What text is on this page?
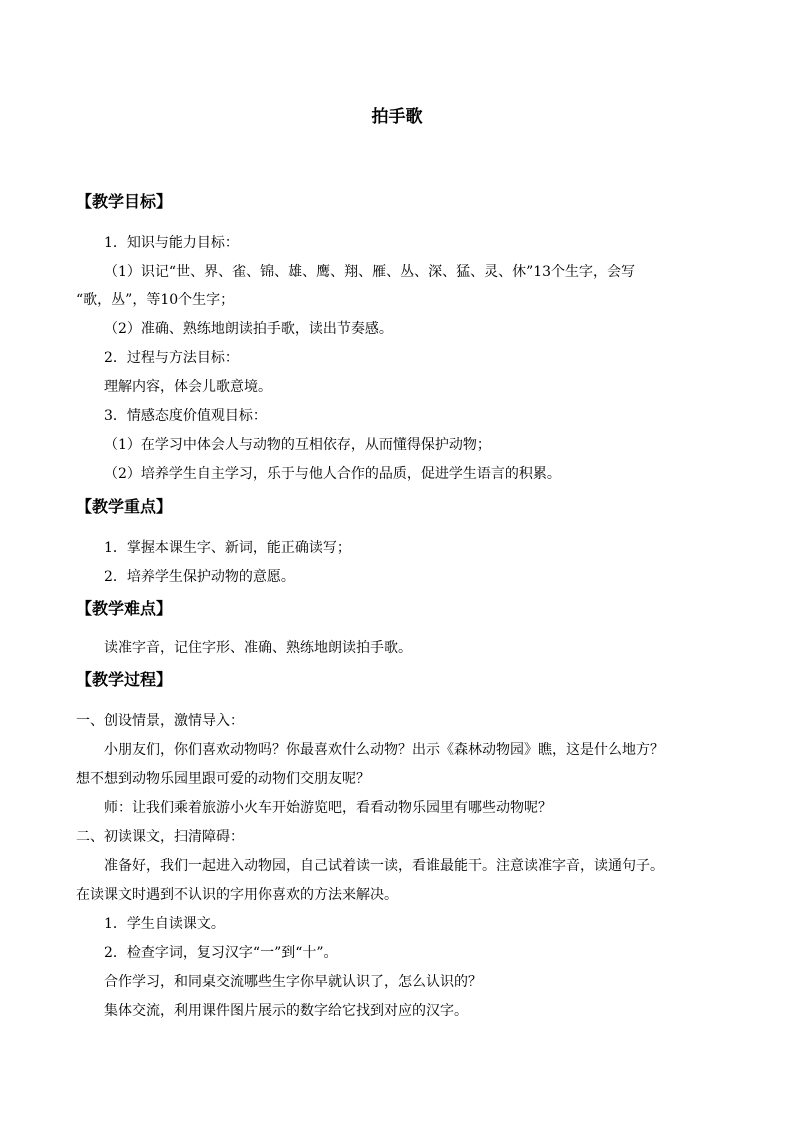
拍手歌
【教学目标】
1．知识与能力目标：
（1）识记“世、界、雀、锦、雄、鹰、翔、雁、丛、深、猛、灵、休”13个生字，会写
“歌，丛”，等10个生字；
（2）准确、熟练地朗读拍手歌，读出节奏感。
2．过程与方法目标：
理解内容，体会儿歌意境。
3．情感态度价值观目标：
（1）在学习中体会人与动物的互相依存，从而懂得保护动物；
（2）培养学生自主学习，乐于与他人合作的品质，促进学生语言的积累。
【教学重点】
1．掌握本课生字、新词，能正确读写；
2．培养学生保护动物的意愿。
【教学难点】
读准字音，记住字形、准确、熟练地朗读拍手歌。
【教学过程】
一、创设情景，激情导入：
小朋友们，你们喜欢动物吗？你最喜欢什么动物？出示《森林动物园》瞧，这是什么地方？
想不想到动物乐园里跟可爱的动物们交朋友呢？
师：让我们乘着旅游小火车开始游览吧，看看动物乐园里有哪些动物呢？
二、初读课文，扫清障碍：
准备好，我们一起进入动物园，自己试着读一读，看谁最能干。注意读准字音，读通句子。
在读课文时遇到不认识的字用你喜欢的方法来解决。
1．学生自读课文。
2．检查字词，复习汉字“一”到“十”。
合作学习，和同桌交流哪些生字你早就认识了，怎么认识的？
集体交流，利用课件图片展示的数字给它找到对应的汉字。
